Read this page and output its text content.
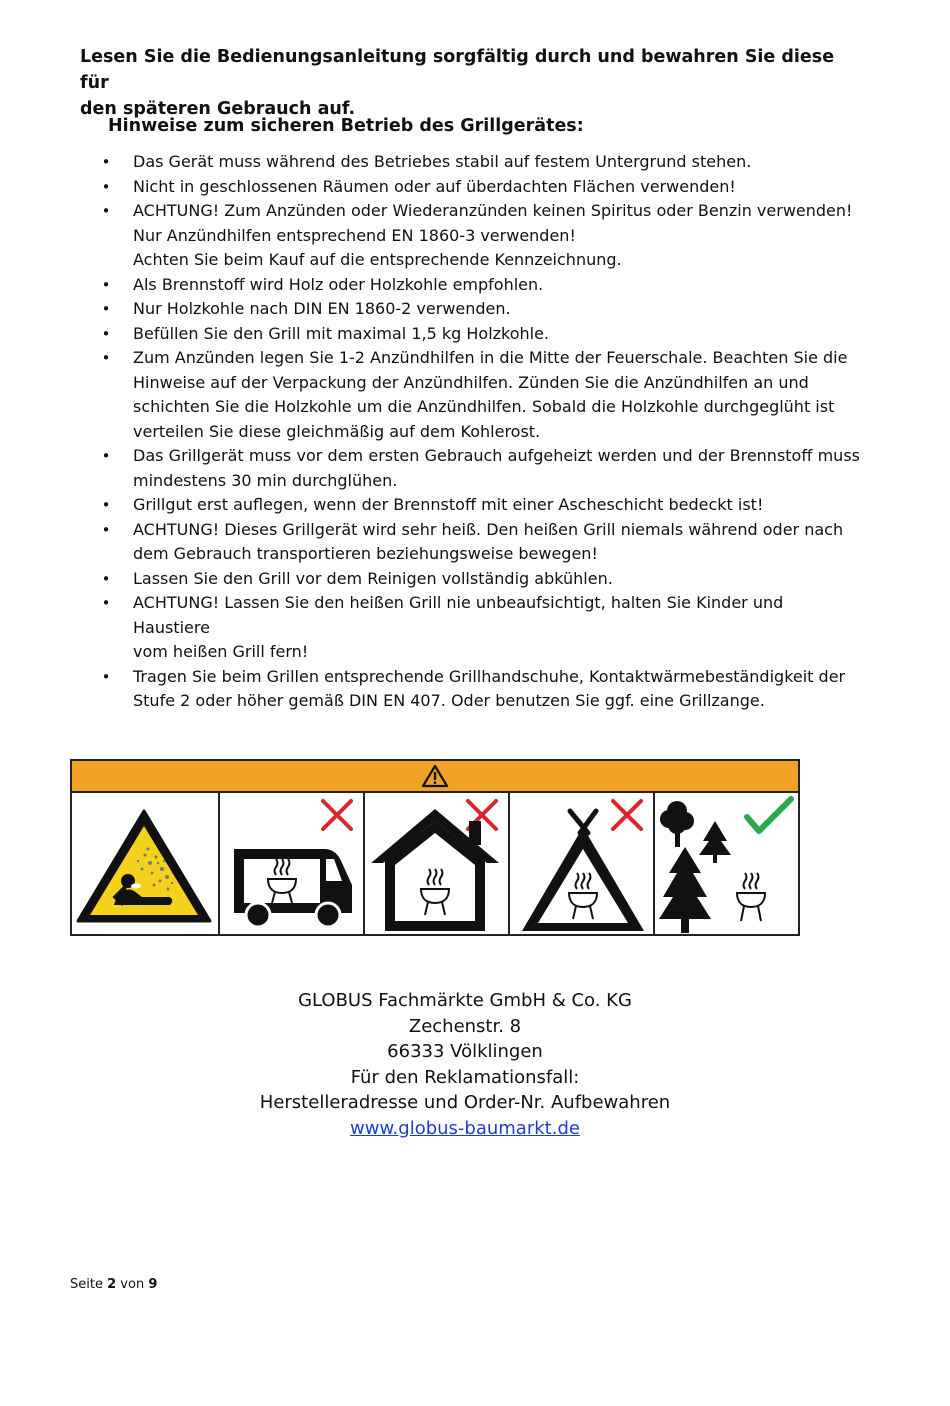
Lesen Sie die Bedienungsanleitung sorgfältig durch und bewahren Sie diese für
den späteren Gebrauch auf.
Hinweise zum sicheren Betrieb des Grillgerätes:
• Das Gerät muss während des Betriebes stabil auf festem Untergrund stehen.
• Nicht in geschlossenen Räumen oder auf überdachten Flächen verwenden!
• ACHTUNG! Zum Anzünden oder Wiederanzünden keinen Spiritus oder Benzin verwenden!
Nur Anzündhilfen entsprechend EN 1860-3 verwenden!
Achten Sie beim Kauf auf die entsprechende Kennzeichnung.
• Als Brennstoff wird Holz oder Holzkohle empfohlen.
• Nur Holzkohle nach DIN EN 1860-2 verwenden.
• Befüllen Sie den Grill mit maximal 1,5 kg Holzkohle.
• Zum Anzünden legen Sie 1-2 Anzündhilfen in die Mitte der Feuerschale. Beachten Sie die
Hinweise auf der Verpackung der Anzündhilfen. Zünden Sie die Anzündhilfen an und
schichten Sie die Holzkohle um die Anzündhilfen. Sobald die Holzkohle durchgeglüht ist
verteilen Sie diese gleichmäßig auf dem Kohlerost.
• Das Grillgerät muss vor dem ersten Gebrauch aufgeheizt werden und der Brennstoff muss
mindestens 30 min durchglühen.
• Grillgut erst auflegen, wenn der Brennstoff mit einer Ascheschicht bedeckt ist!
• ACHTUNG! Dieses Grillgerät wird sehr heiß. Den heißen Grill niemals während oder nach
dem Gebrauch transportieren beziehungsweise bewegen!
• Lassen Sie den Grill vor dem Reinigen vollständig abkühlen.
• ACHTUNG! Lassen Sie den heißen Grill nie unbeaufsichtigt, halten Sie Kinder und Haustiere
vom heißen Grill fern!
• Tragen Sie beim Grillen entsprechende Grillhandschuhe, Kontaktwärmebeständigkeit der
Stufe 2 oder höher gemäß DIN EN 407. Oder benutzen Sie ggf. eine Grillzange.
GLOBUS Fachmärkte GmbH & Co. KG
Zechenstr. 8
66333 Völklingen
Für den Reklamationsfall:
Herstelleradresse und Order-Nr. Aufbewahren
www.globus-baumarkt.de
Seite 2 von 9
